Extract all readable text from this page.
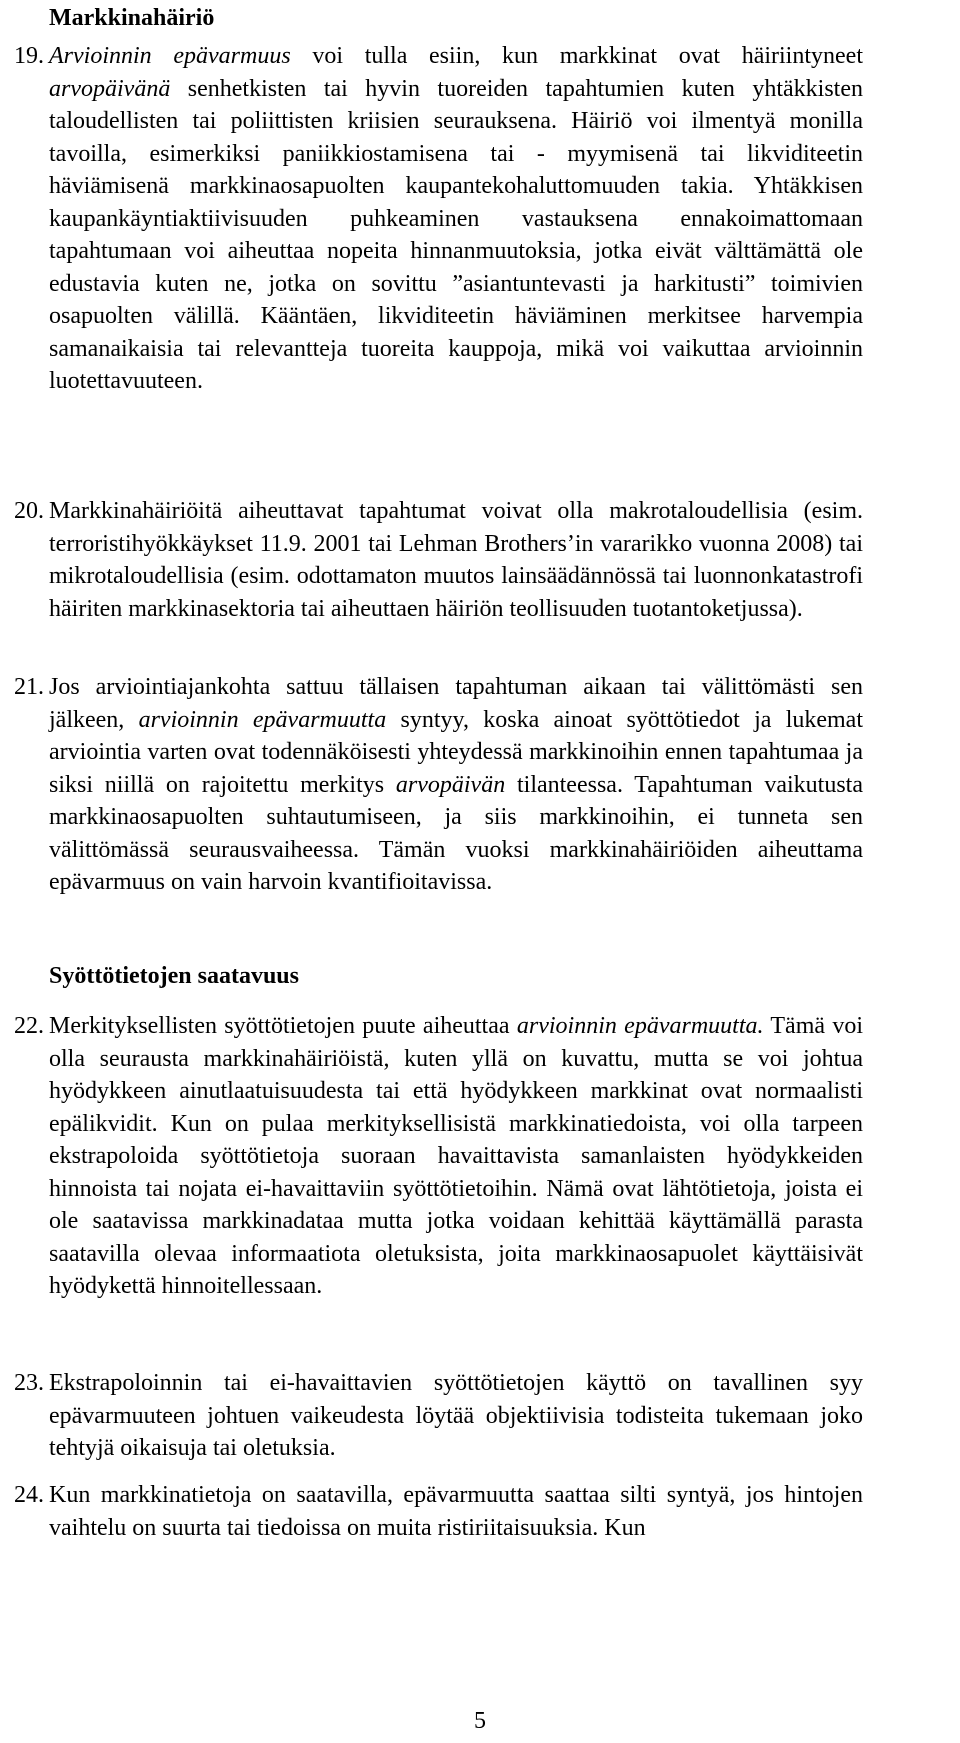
Markkinahäiriö
19. Arvioinnin epävarmuus voi tulla esiin, kun markkinat ovat häiriintyneet arvopäivänä senhetkisten tai hyvin tuoreiden tapahtumien kuten yhtäkkisten taloudellisten tai poliittisten kriisien seurauksena. Häiriö voi ilmentyä monilla tavoilla, esimerkiksi paniikkiostamisena tai - myymisenä tai likviditeetin häviämisenä markkinaosapuolten kaupantekohaluttomuuden takia. Yhtäkkisen kaupankäyntiaktiivisuuden puhkeaminen vastauksena ennakoimattomaan tapahtumaan voi aiheuttaa nopeita hinnanmuutoksia, jotka eivät välttämättä ole edustavia kuten ne, jotka on sovittu ”asiantuntevasti ja harkitusti” toimivien osapuolten välillä. Kääntäen, likviditeetin häviäminen merkitsee harvempia samanaikaisia tai relevantteja tuoreita kauppoja, mikä voi vaikuttaa arvioinnin luotettavuuteen.
20. Markkinahäiriöitä aiheuttavat tapahtumat voivat olla makrotaloudellisia (esim. terroristihyökkäykset 11.9. 2001 tai Lehman Brothers’in vararikko vuonna 2008) tai mikrotaloudellisia (esim. odottamaton muutos lainsäädännössä tai luonnonkatastrofi häiriten markkinasektoria tai aiheuttaen häiriön teollisuuden tuotantoketjussa).
21. Jos arviointiajankohta sattuu tällaisen tapahtuman aikaan tai välittömästi sen jälkeen, arvioinnin epävarmuutta syntyy, koska ainoat syöttötiedot ja lukemat arviointia varten ovat todennäköisesti yhteydessä markkinoihin ennen tapahtumaa ja siksi niillä on rajoitettu merkitys arvopäivän tilanteessa. Tapahtuman vaikutusta markkinaosapuolten suhtautumiseen, ja siis markkinoihin, ei tunneta sen välittömässä seurausvaiheessa. Tämän vuoksi markkinahäiriöiden aiheuttama epävarmuus on vain harvoin kvantifioitavissa.
Syöttötietojen saatavuus
22. Merkityksellisten syöttötietojen puute aiheuttaa arvioinnin epävarmuutta. Tämä voi olla seurausta markkinahäiriöistä, kuten yllä on kuvattu, mutta se voi johtua hyödykkeen ainutlaatuisuudesta tai että hyödykkeen markkinat ovat normaalisti epälikvidit. Kun on pulaa merkityksellisistä markkinatiedoista, voi olla tarpeen ekstrapoloida syöttötietoja suoraan havaittavista samanlaisten hyödykkeiden hinnoista tai nojata ei-havaittaviin syöttötietoihin. Nämä ovat lähtötietoja, joista ei ole saatavissa markkinadataa mutta jotka voidaan kehittää käyttämällä parasta saatavilla olevaa informaatiota oletuksista, joita markkinaosapuolet käyttäisivät hyödykettä hinnoitellessaan.
23. Ekstrapoloinnin tai ei-havaittavien syöttötietojen käyttö on tavallinen syy epävarmuuteen johtuen vaikeudesta löytää objektiivisia todisteita tukemaan joko tehtyjä oikaisuja tai oletuksia.
24. Kun markkinatietoja on saatavilla, epävarmuutta saattaa silti syntyä, jos hintojen vaihtelu on suurta tai tiedoissa on muita ristiriitaisuuksia. Kun
5
